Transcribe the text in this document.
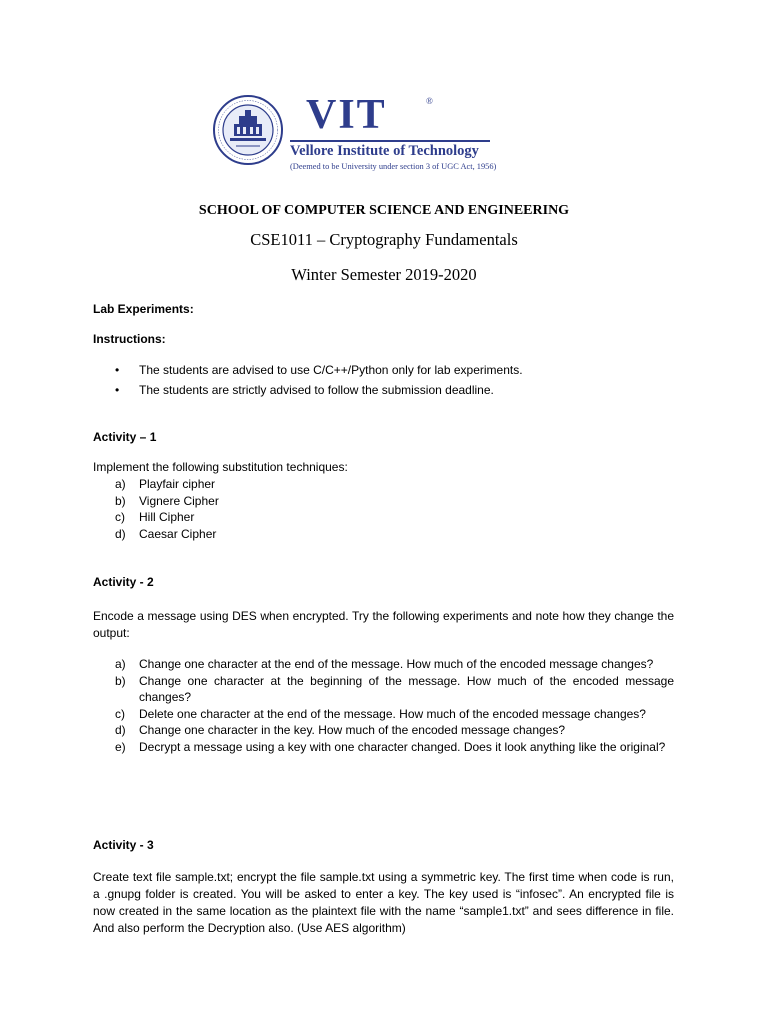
VIT	®
Vellore Institute of Technology
(Deemed to be University under section 3 of UGC Act, 1956)
SCHOOL OF COMPUTER SCIENCE AND ENGINEERING
CSE1011 – Cryptography Fundamentals
Winter Semester 2019-2020
Lab Experiments:
Instructions:
• The students are advised to use C/C++/Python only for lab experiments.
• The students are strictly advised to follow the submission deadline.
Activity – 1
Implement the following substitution techniques:
a) Playfair cipher
b) Vignere Cipher
c) Hill Cipher
d) Caesar Cipher
Activity - 2
Encode a message using DES when encrypted. Try the following experiments and note how they change the output:
a) Change one character at the end of the message. How much of the encoded message changes?
b) Change one character at the beginning of the message. How much of the encoded message changes?
c) Delete one character at the end of the message. How much of the encoded message changes?
d) Change one character in the key. How much of the encoded message changes?
e) Decrypt a message using a key with one character changed. Does it look anything like the original?
Activity - 3
Create text file sample.txt; encrypt the file sample.txt using a symmetric key. The first time when code is run, a .gnupg folder is created. You will be asked to enter a key. The key used is “infosec”. An encrypted file is now created in the same location as the plaintext file with the name “sample1.txt” and sees difference in file. And also perform the Decryption also. (Use AES algorithm)
